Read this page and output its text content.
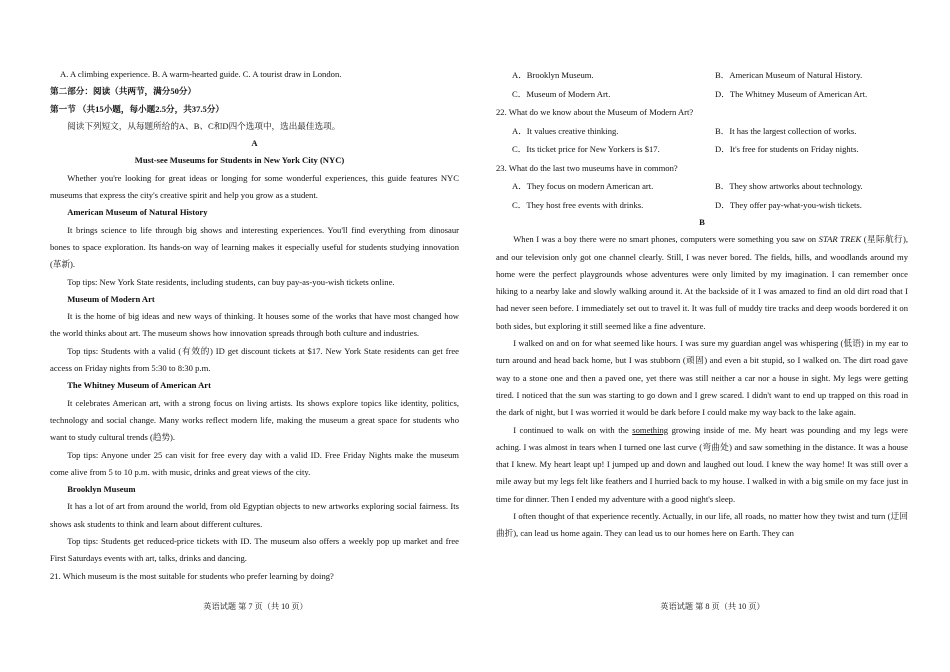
A. A climbing experience. B. A warm-hearted guide. C. A tourist draw in London.
第二部分：阅读（共两节，满分50分）
第一节 （共15小题，每小题2.5分，共37.5分）
阅读下列短文，从每题所给的A、B、C和D四个选项中，选出最佳选项。
A
Must-see Museums for Students in New York City (NYC)
Whether you're looking for great ideas or longing for some wonderful experiences, this guide features NYC museums that express the city's creative spirit and help you grow as a student.
American Museum of Natural History
It brings science to life through big shows and interesting experiences. You'll find everything from dinosaur bones to space exploration. Its hands-on way of learning makes it especially useful for students studying innovation (革新).
Top tips: New York State residents, including students, can buy pay-as-you-wish tickets online.
Museum of Modern Art
It is the home of big ideas and new ways of thinking. It houses some of the works that have most changed how the world thinks about art. The museum shows how innovation spreads through both culture and industries.
Top tips: Students with a valid (有效的) ID get discount tickets at $17. New York State residents can get free access on Friday nights from 5:30 to 8:30 p.m.
The Whitney Museum of American Art
It celebrates American art, with a strong focus on living artists. Its shows explore topics like identity, politics, technology and social change. Many works reflect modern life, making the museum a great space for students who want to study cultural trends (趋势).
Top tips: Anyone under 25 can visit for free every day with a valid ID. Free Friday Nights make the museum come alive from 5 to 10 p.m. with music, drinks and great views of the city.
Brooklyn Museum
It has a lot of art from around the world, from old Egyptian objects to new artworks exploring social fairness. Its shows ask students to think and learn about different cultures.
Top tips: Students get reduced-price tickets with ID. The museum also offers a weekly pop up market and free First Saturdays events with art, talks, drinks and dancing.
21. Which museum is the most suitable for students who prefer learning by doing?
英语试题 第 7 页（共 10 页）
A．Brooklyn Museum.	B．American Museum of Natural History.
C．Museum of Modern Art.	D．The Whitney Museum of American Art.
22. What do we know about the Museum of Modern Art?
A．It values creative thinking.	B．It has the largest collection of works.
C．Its ticket price for New Yorkers is $17.	D．It's free for students on Friday nights.
23. What do the last two museums have in common?
A．They focus on modern American art.	B．They show artworks about technology.
C．They host free events with drinks.	D．They offer pay-what-you-wish tickets.
B
When I was a boy there were no smart phones, computers were something you saw on STAR TREK (星际航行), and our television only got one channel clearly. Still, I was never bored. The fields, hills, and woodlands around my home were the perfect playgrounds whose adventures were only limited by my imagination. I can remember once hiking to a nearby lake and slowly walking around it. At the backside of it I was amazed to find an old dirt road that I had never seen before. I immediately set out to travel it. It was full of muddy tire tracks and deep woods bordered it on both sides, but exploring it still seemed like a fine adventure.
I walked on and on for what seemed like hours. I was sure my guardian angel was whispering (低语) in my ear to turn around and head back home, but I was stubborn (顽固) and even a bit stupid, so I walked on. The dirt road gave way to a stone one and then a paved one, yet there was still neither a car nor a house in sight. My legs were getting tired. I noticed that the sun was starting to go down and I grew scared. I didn't want to end up trapped on this road in the dark of night, but I was worried it would be dark before I could make my way back to the lake again.
I continued to walk on with the something growing inside of me. My heart was pounding and my legs were aching. I was almost in tears when I turned one last curve (弯曲处) and saw something in the distance. It was a house that I knew. My heart leapt up! I jumped up and down and laughed out loud. I knew the way home! It was still over a mile away but my legs felt like feathers and I hurried back to my house. I walked in with a big smile on my face just in time for dinner. Then I ended my adventure with a good night's sleep.
I often thought of that experience recently. Actually, in our life, all roads, no matter how they twist and turn (迂回曲折), can lead us home again. They can lead us to our homes here on Earth. They can
英语试题 第 8 页（共 10 页）
